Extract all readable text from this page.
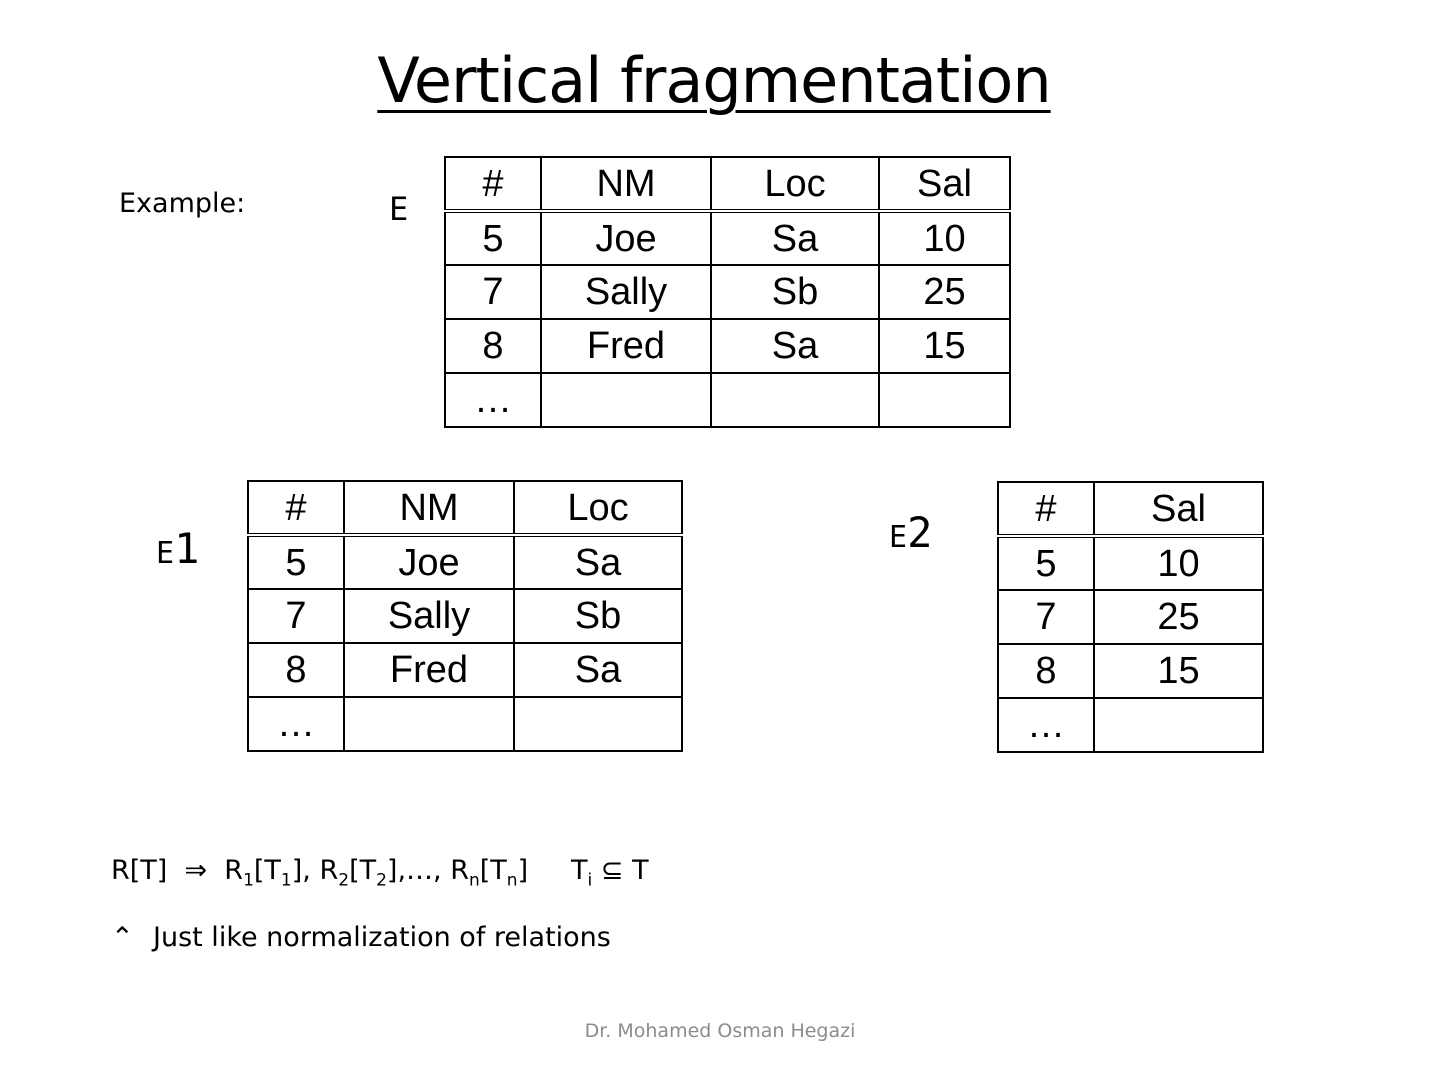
Vertical fragmentation
Example:	E
#	NM	Loc	Sal
5	Joe	Sa	10
7	Sally	Sb	25
8	Fred	Sa	15
…			
E1
#	NM	Loc
5	Joe	Sa
7	Sally	Sb
8	Fred	Sa
…		
E2	#	Sal
5	10
7	25
8	15
…	
R[T] ⇒ $R_1[T_1]$, $R_2[T_2],\dots$, $R_n[T_n]$ $T_i$ ⊆ T
⌃ Just like normalization of relations
Dr. Mohamed Osman Hegazi
